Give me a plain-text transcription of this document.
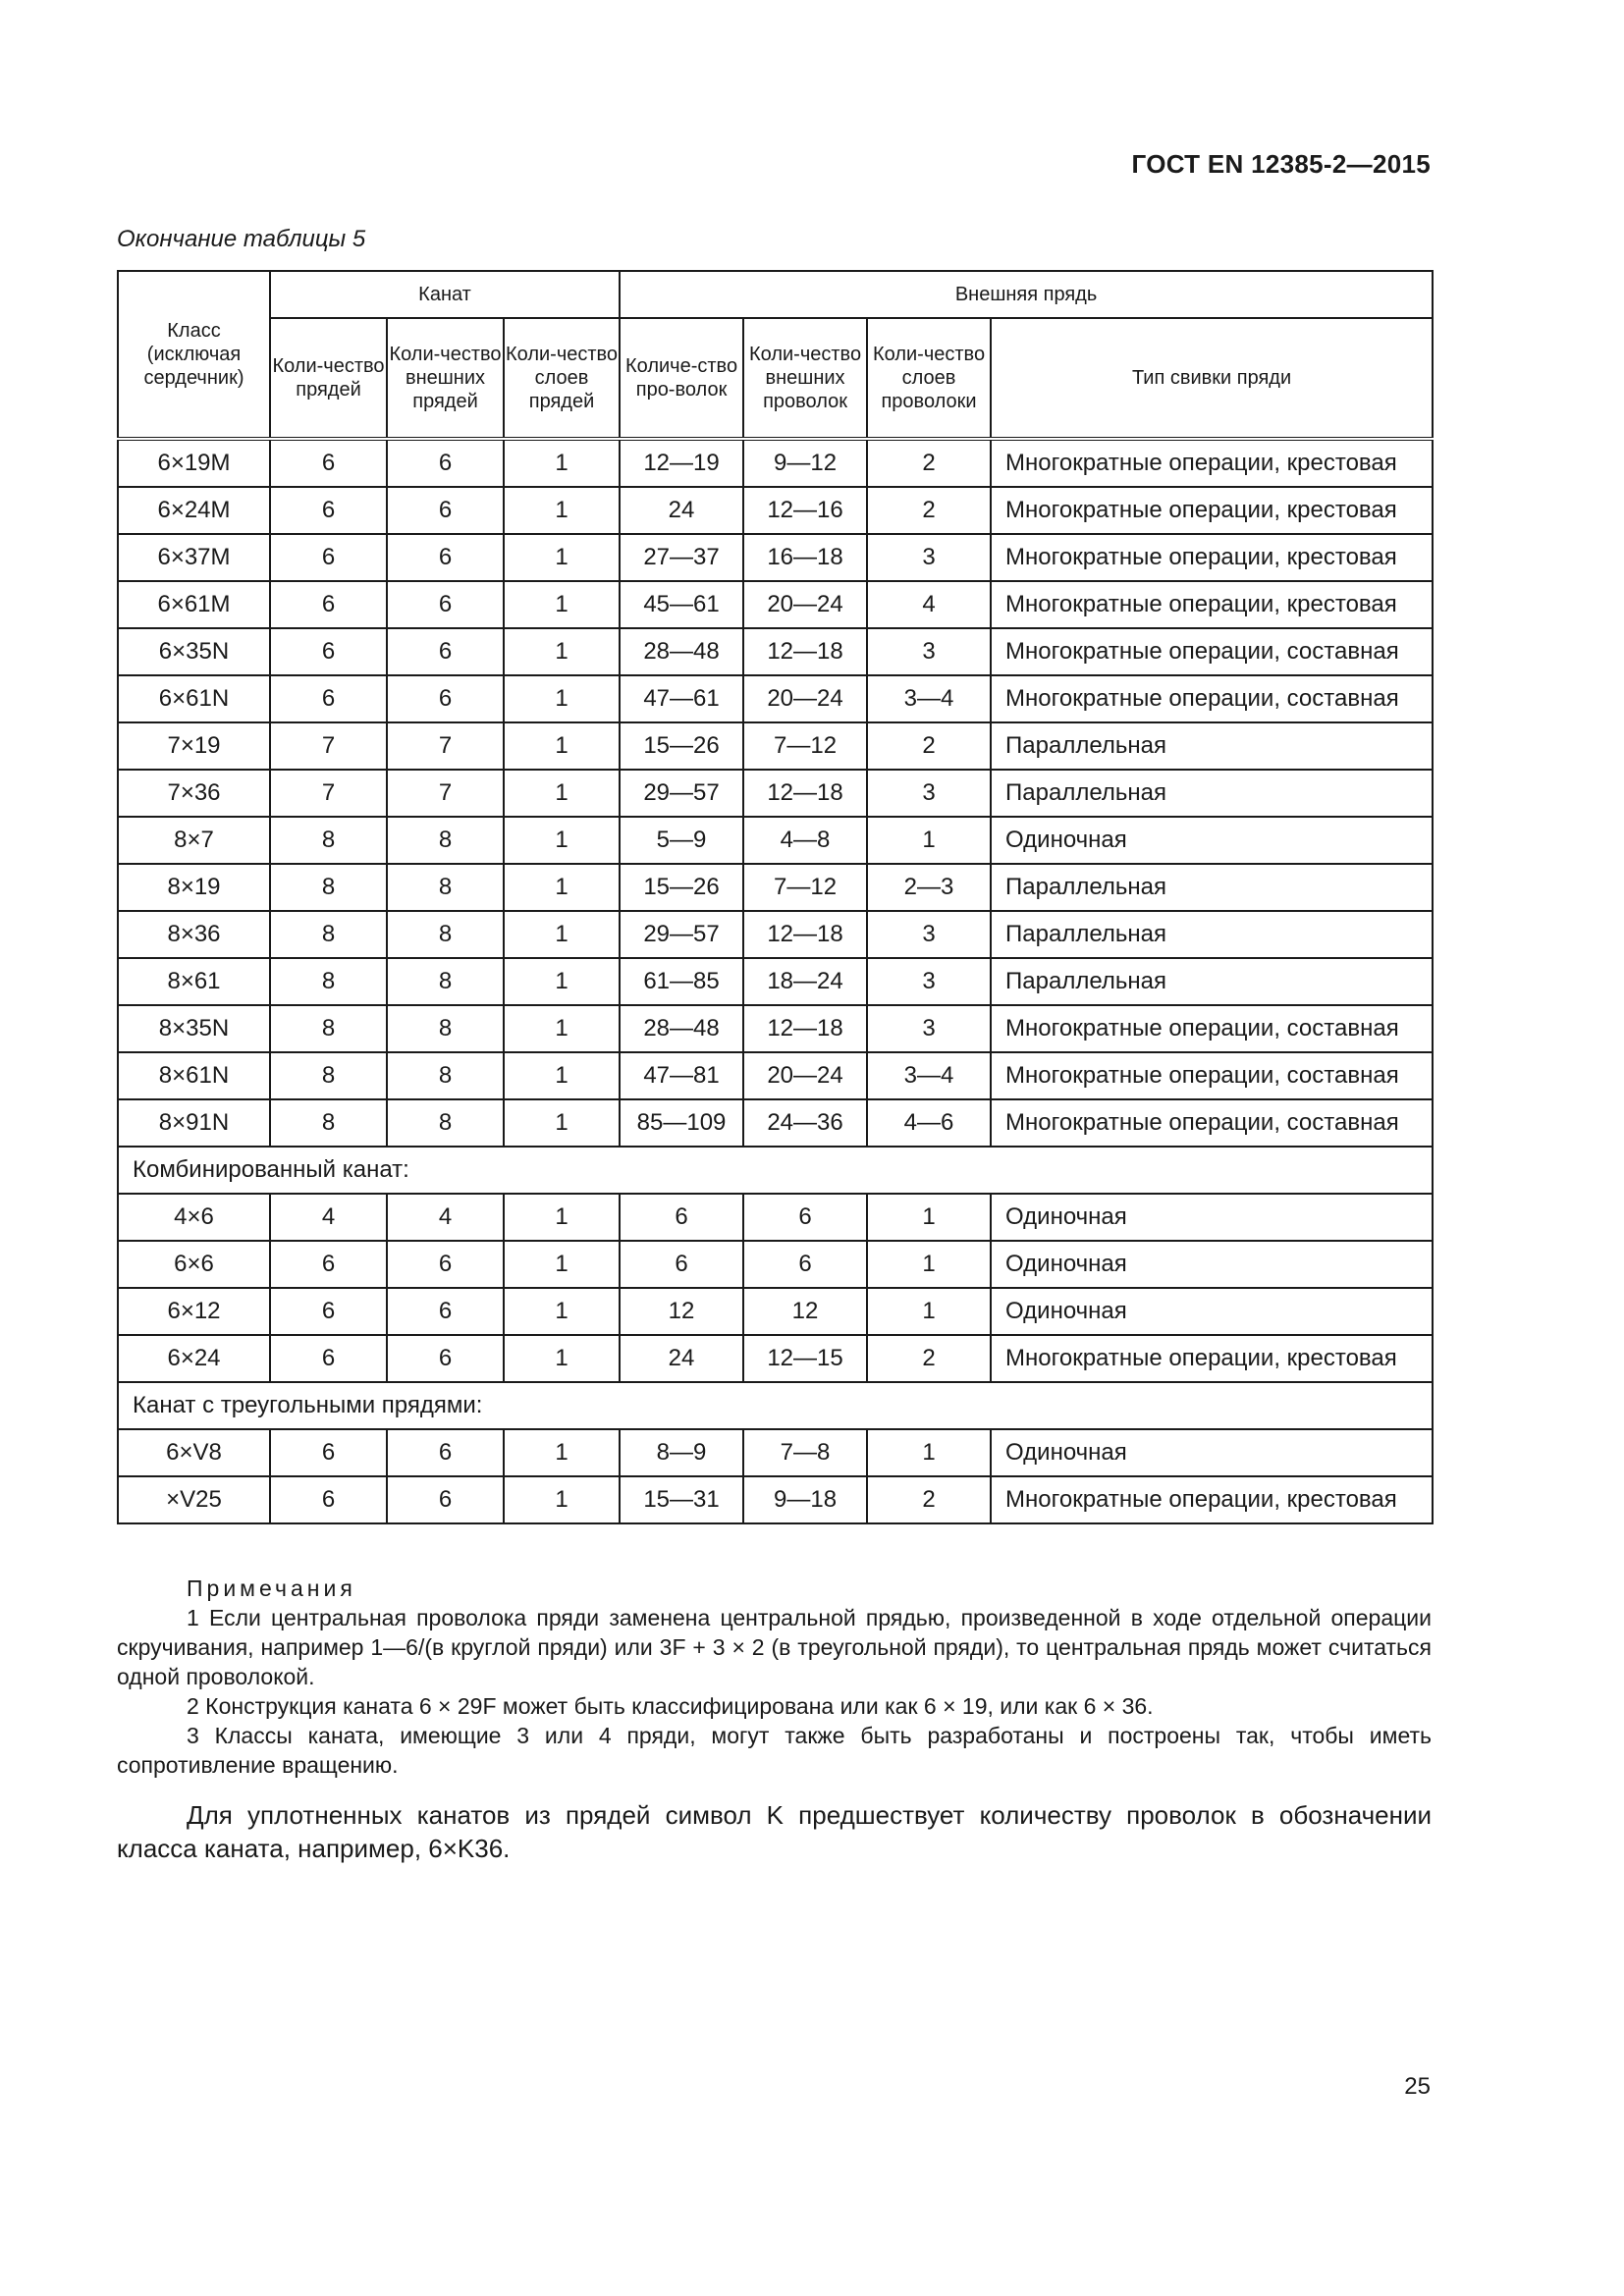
ГОСТ EN 12385-2—2015
Окончание таблицы 5
Класс (исключая сердечник)	Канат			Внешняя прядь			
	Коли-чество прядей	Коли-чество внешних прядей	Коли-чество слоев прядей	Количе-ство про-волок	Коли-чество внешних проволок	Коли-чество слоев проволоки	Тип свивки пряди
6×19M	6	6	1	12—19	9—12	2	Многократные операции, крестовая
6×24M	6	6	1	24	12—16	2	Многократные операции, крестовая
6×37M	6	6	1	27—37	16—18	3	Многократные операции, крестовая
6×61M	6	6	1	45—61	20—24	4	Многократные операции, крестовая
6×35N	6	6	1	28—48	12—18	3	Многократные операции, составная
6×61N	6	6	1	47—61	20—24	3—4	Многократные операции, составная
7×19	7	7	1	15—26	7—12	2	Параллельная
7×36	7	7	1	29—57	12—18	3	Параллельная
8×7	8	8	1	5—9	4—8	1	Одиночная
8×19	8	8	1	15—26	7—12	2—3	Параллельная
8×36	8	8	1	29—57	12—18	3	Параллельная
8×61	8	8	1	61—85	18—24	3	Параллельная
8×35N	8	8	1	28—48	12—18	3	Многократные операции, составная
8×61N	8	8	1	47—81	20—24	3—4	Многократные операции, составная
8×91N	8	8	1	85—109	24—36	4—6	Многократные операции, составная
Комбинированный канат:							
4×6	4	4	1	6	6	1	Одиночная
6×6	6	6	1	6	6	1	Одиночная
6×12	6	6	1	12	12	1	Одиночная
6×24	6	6	1	24	12—15	2	Многократные операции, крестовая
Канат с треугольными прядями:							
6×V8	6	6	1	8—9	7—8	1	Одиночная
×V25	6	6	1	15—31	9—18	2	Многократные операции, крестовая
Примечания

1 Если центральная проволока пряди заменена центральной прядью, произведенной в ходе отдельной операции скручивания, например 1—6/(в круглой пряди) или 3F + 3 × 2 (в треугольной пряди), то центральная прядь может считаться одной проволокой.

2 Конструкция каната 6 × 29F может быть классифицирована или как 6 × 19, или как 6 × 36.

3 Классы каната, имеющие 3 или 4 пряди, могут также быть разработаны и построены так, чтобы иметь сопротивление вращению.

Для уплотненных канатов из прядей символ K предшествует количеству проволок в обозначении класса каната, например, 6×K36.

25
